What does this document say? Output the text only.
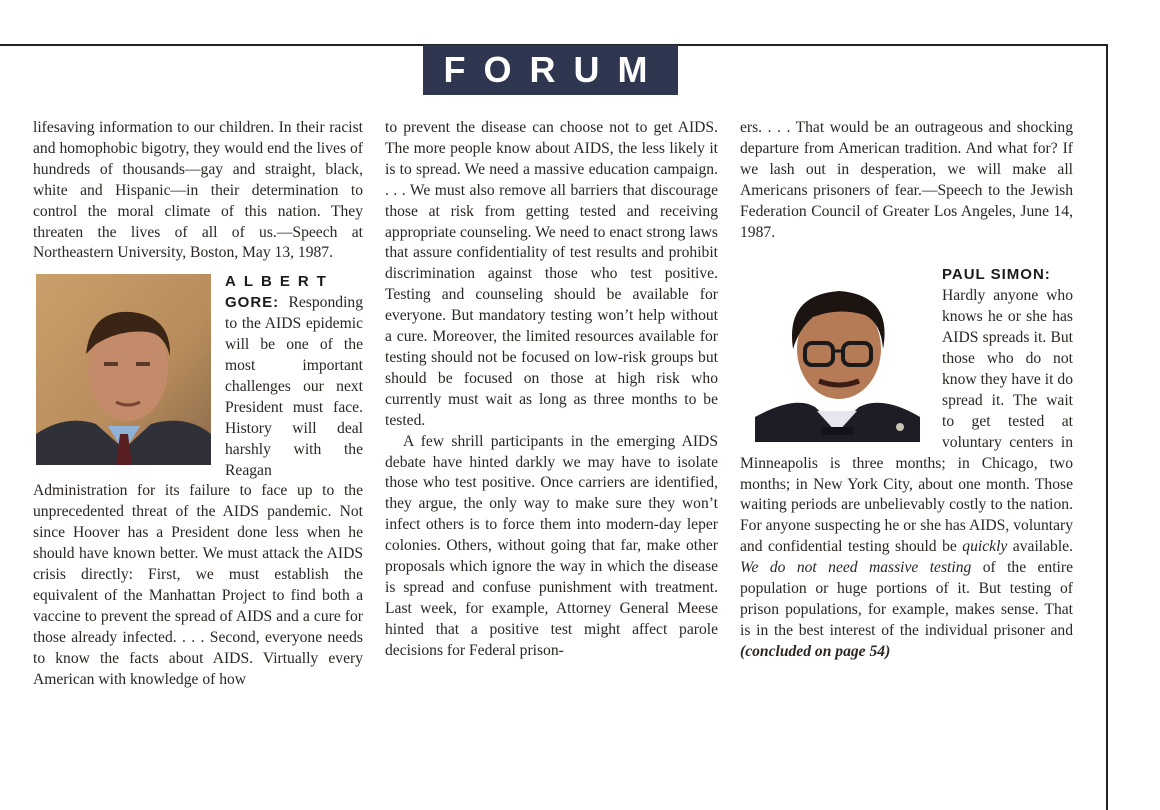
FORUM

lifesaving information to our children. In their racist and homophobic bigotry, they would end the lives of hundreds of thousands—gay and straight, black, white and Hispanic—in their determination to control the moral climate of this nation. They threaten the lives of all of us.—Speech at Northeastern University, Boston, May 13, 1987.

ALBERT
GORE: Responding to the AIDS epidemic will be one of the most important challenges our next President must face. History will deal harshly with the Reagan Administration for its failure to face up to the unprecedented threat of the AIDS pandemic. Not since Hoover has a President done less when he should have known better. We must attack the AIDS crisis directly: First, we must establish the equivalent of the Manhattan Project to find both a vaccine to prevent the spread of AIDS and a cure for those already infected. . . . Second, everyone needs to know the facts about AIDS. Virtually every American with knowledge of how

to prevent the disease can choose not to get AIDS. The more people know about AIDS, the less likely it is to spread. We need a massive education campaign. . . . We must also remove all barriers that discourage those at risk from getting tested and receiving appropriate counseling. We need to enact strong laws that assure confidentiality of test results and prohibit discrimination against those who test positive. Testing and counseling should be available for everyone. But mandatory testing won’t help without a cure. Moreover, the limited resources available for testing should not be focused on low-risk groups but should be focused on those at high risk who currently must wait as long as three months to be tested.

A few shrill participants in the emerging AIDS debate have hinted darkly we may have to isolate those who test positive. Once carriers are identified, they argue, the only way to make sure they won’t infect others is to force them into modern-day leper colonies. Others, without going that far, make other proposals which ignore the way in which the disease is spread and confuse punishment with treatment. Last week, for example, Attorney General Meese hinted that a positive test might affect parole decisions for Federal prison-

ers. . . . That would be an outrageous and shocking departure from American tradition. And what for? If we lash out in desperation, we will make all Americans prisoners of fear.—Speech to the Jewish Federation Council of Greater Los Angeles, June 14, 1987.

PAUL SIMON:
Hardly anyone who knows he or she has AIDS spreads it. But those who do not know they have it do spread it. The wait to get tested at voluntary centers in Minneapolis is three months; in Chicago, two months; in New York City, about one month. Those waiting periods are unbelievably costly to the nation. For anyone suspecting he or she has AIDS, voluntary and confidential testing should be quickly available. We do not need massive testing of the entire population or huge portions of it. But testing of prison populations, for example, makes sense. That is in the best interest of the individual prisoner and (concluded on page 54)
